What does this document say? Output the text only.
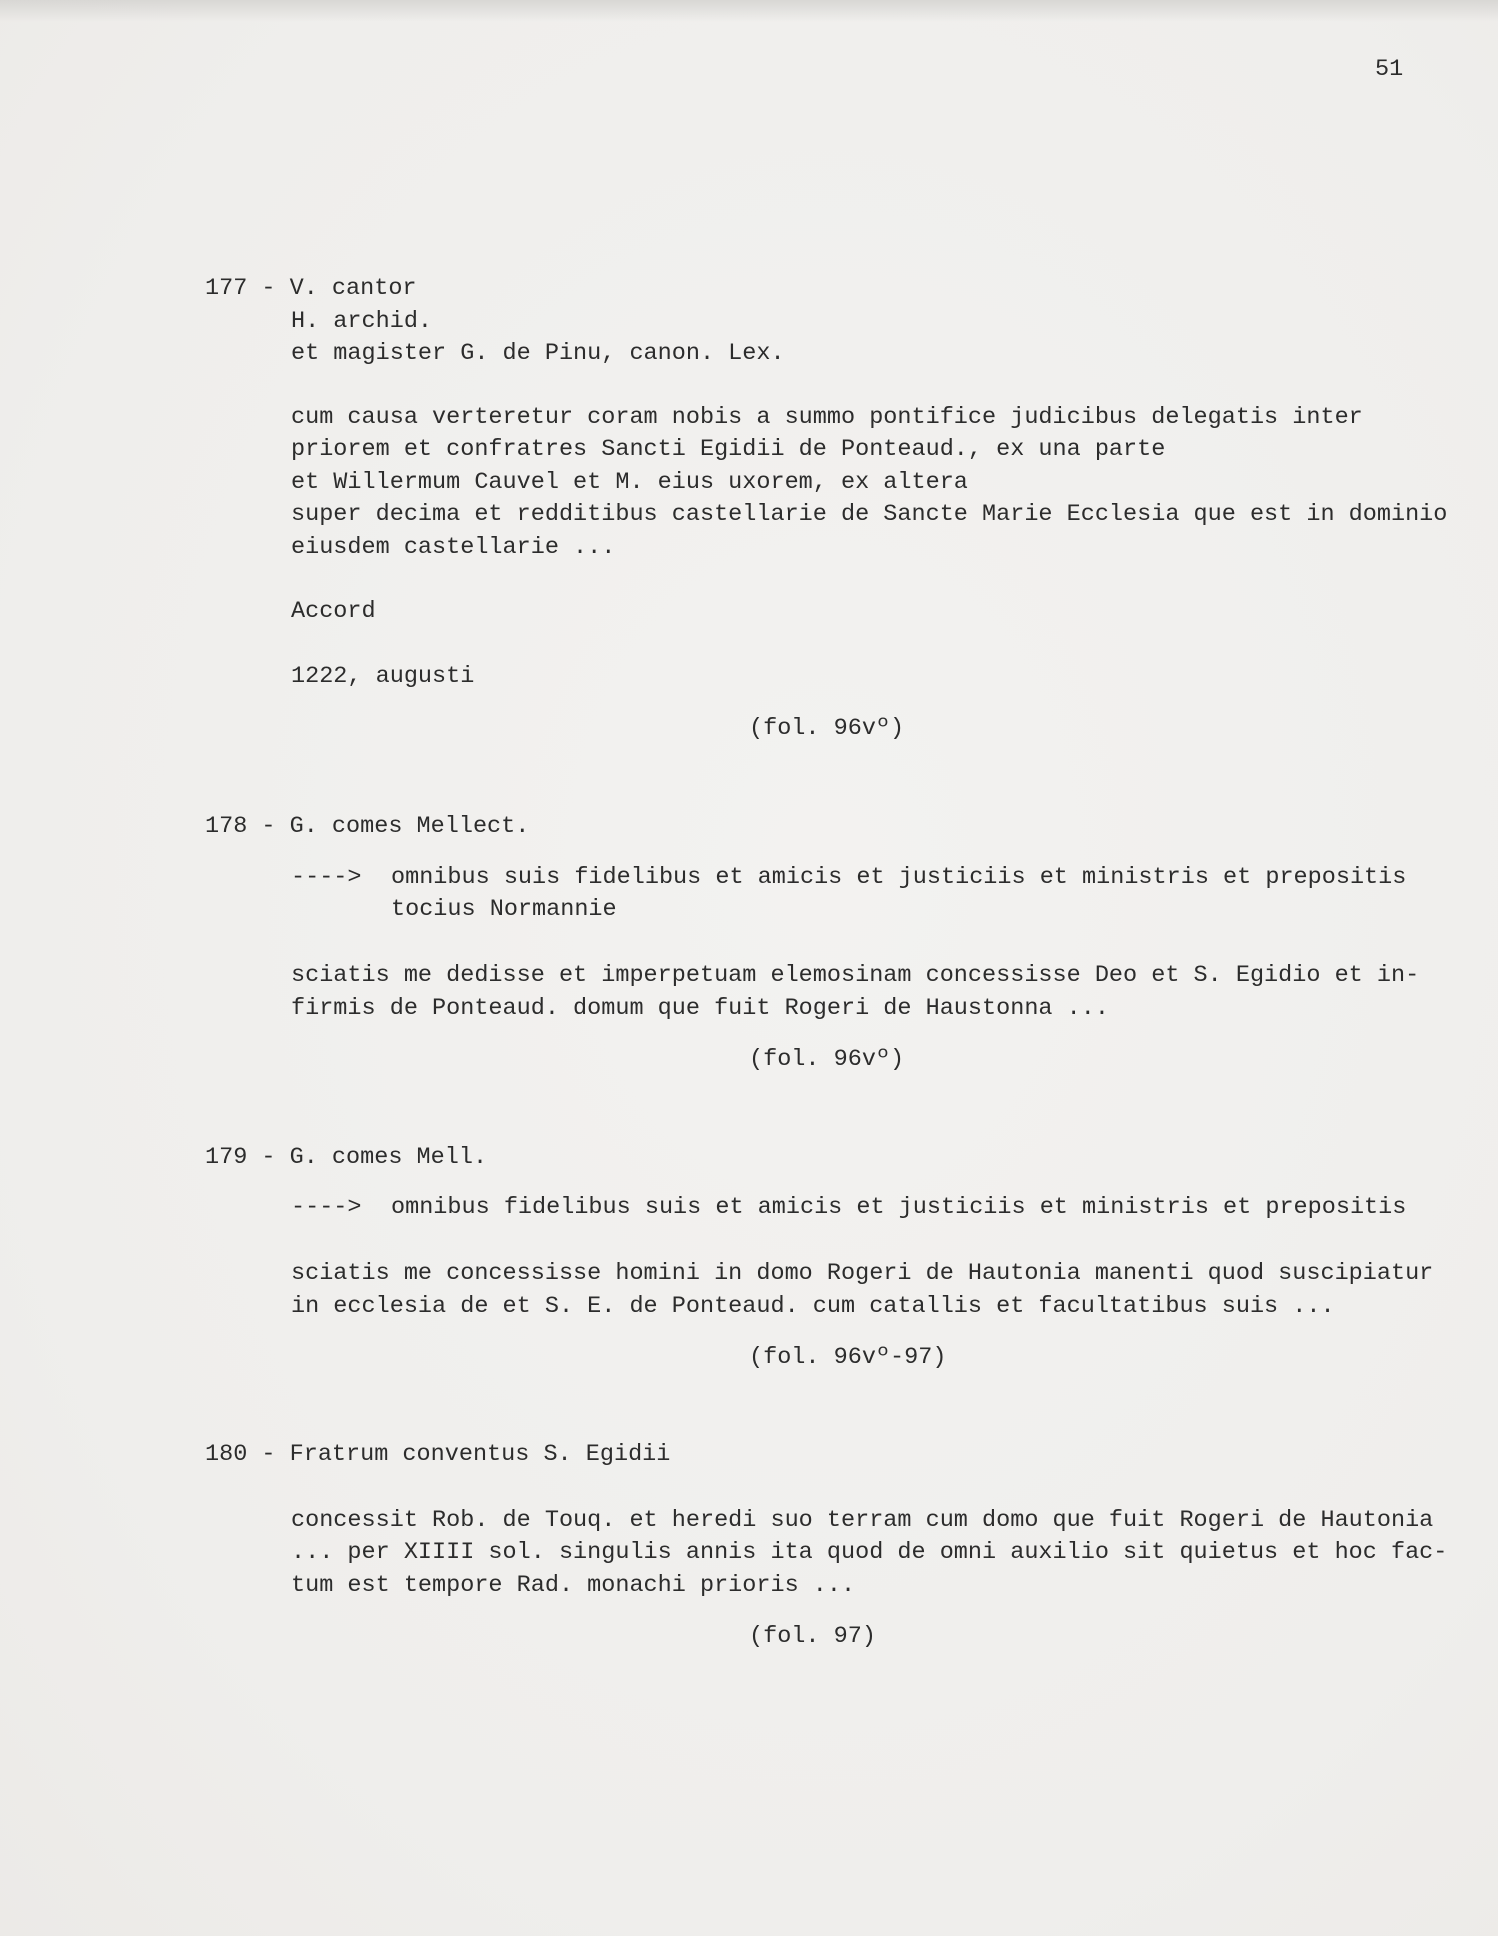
51
177 - V. cantor
H. archid.
et magister G. de Pinu, canon. Lex.
cum causa verteretur coram nobis a summo pontifice judicibus delegatis inter
priorem et confratres Sancti Egidii de Ponteaud., ex una parte
et Willermum Cauvel et M. eius uxorem, ex altera
super decima et redditibus castellarie de Sancte Marie Ecclesia que est in dominio
eiusdem castellarie ...
Accord
1222, augusti
(fol. 96vº)
178 - G. comes Mellect.
----> omnibus suis fidelibus et amicis et justiciis et ministris et prepositis
tocius Normannie
sciatis me dedisse et imperpetuam elemosinam concessisse Deo et S. Egidio et in-
firmis de Ponteaud. domum que fuit Rogeri de Haustonna ...
(fol. 96vº)
179 - G. comes Mell.
----> omnibus fidelibus suis et amicis et justiciis et ministris et prepositis
sciatis me concessisse homini in domo Rogeri de Hautonia manenti quod suscipiatur
in ecclesia de et S. E. de Ponteaud. cum catallis et facultatibus suis ...
(fol. 96vº-97)
180 - Fratrum conventus S. Egidii
concessit Rob. de Touq. et heredi suo terram cum domo que fuit Rogeri de Hautonia
... per XIIII sol. singulis annis ita quod de omni auxilio sit quietus et hoc fac-
tum est tempore Rad. monachi prioris ...
(fol. 97)
